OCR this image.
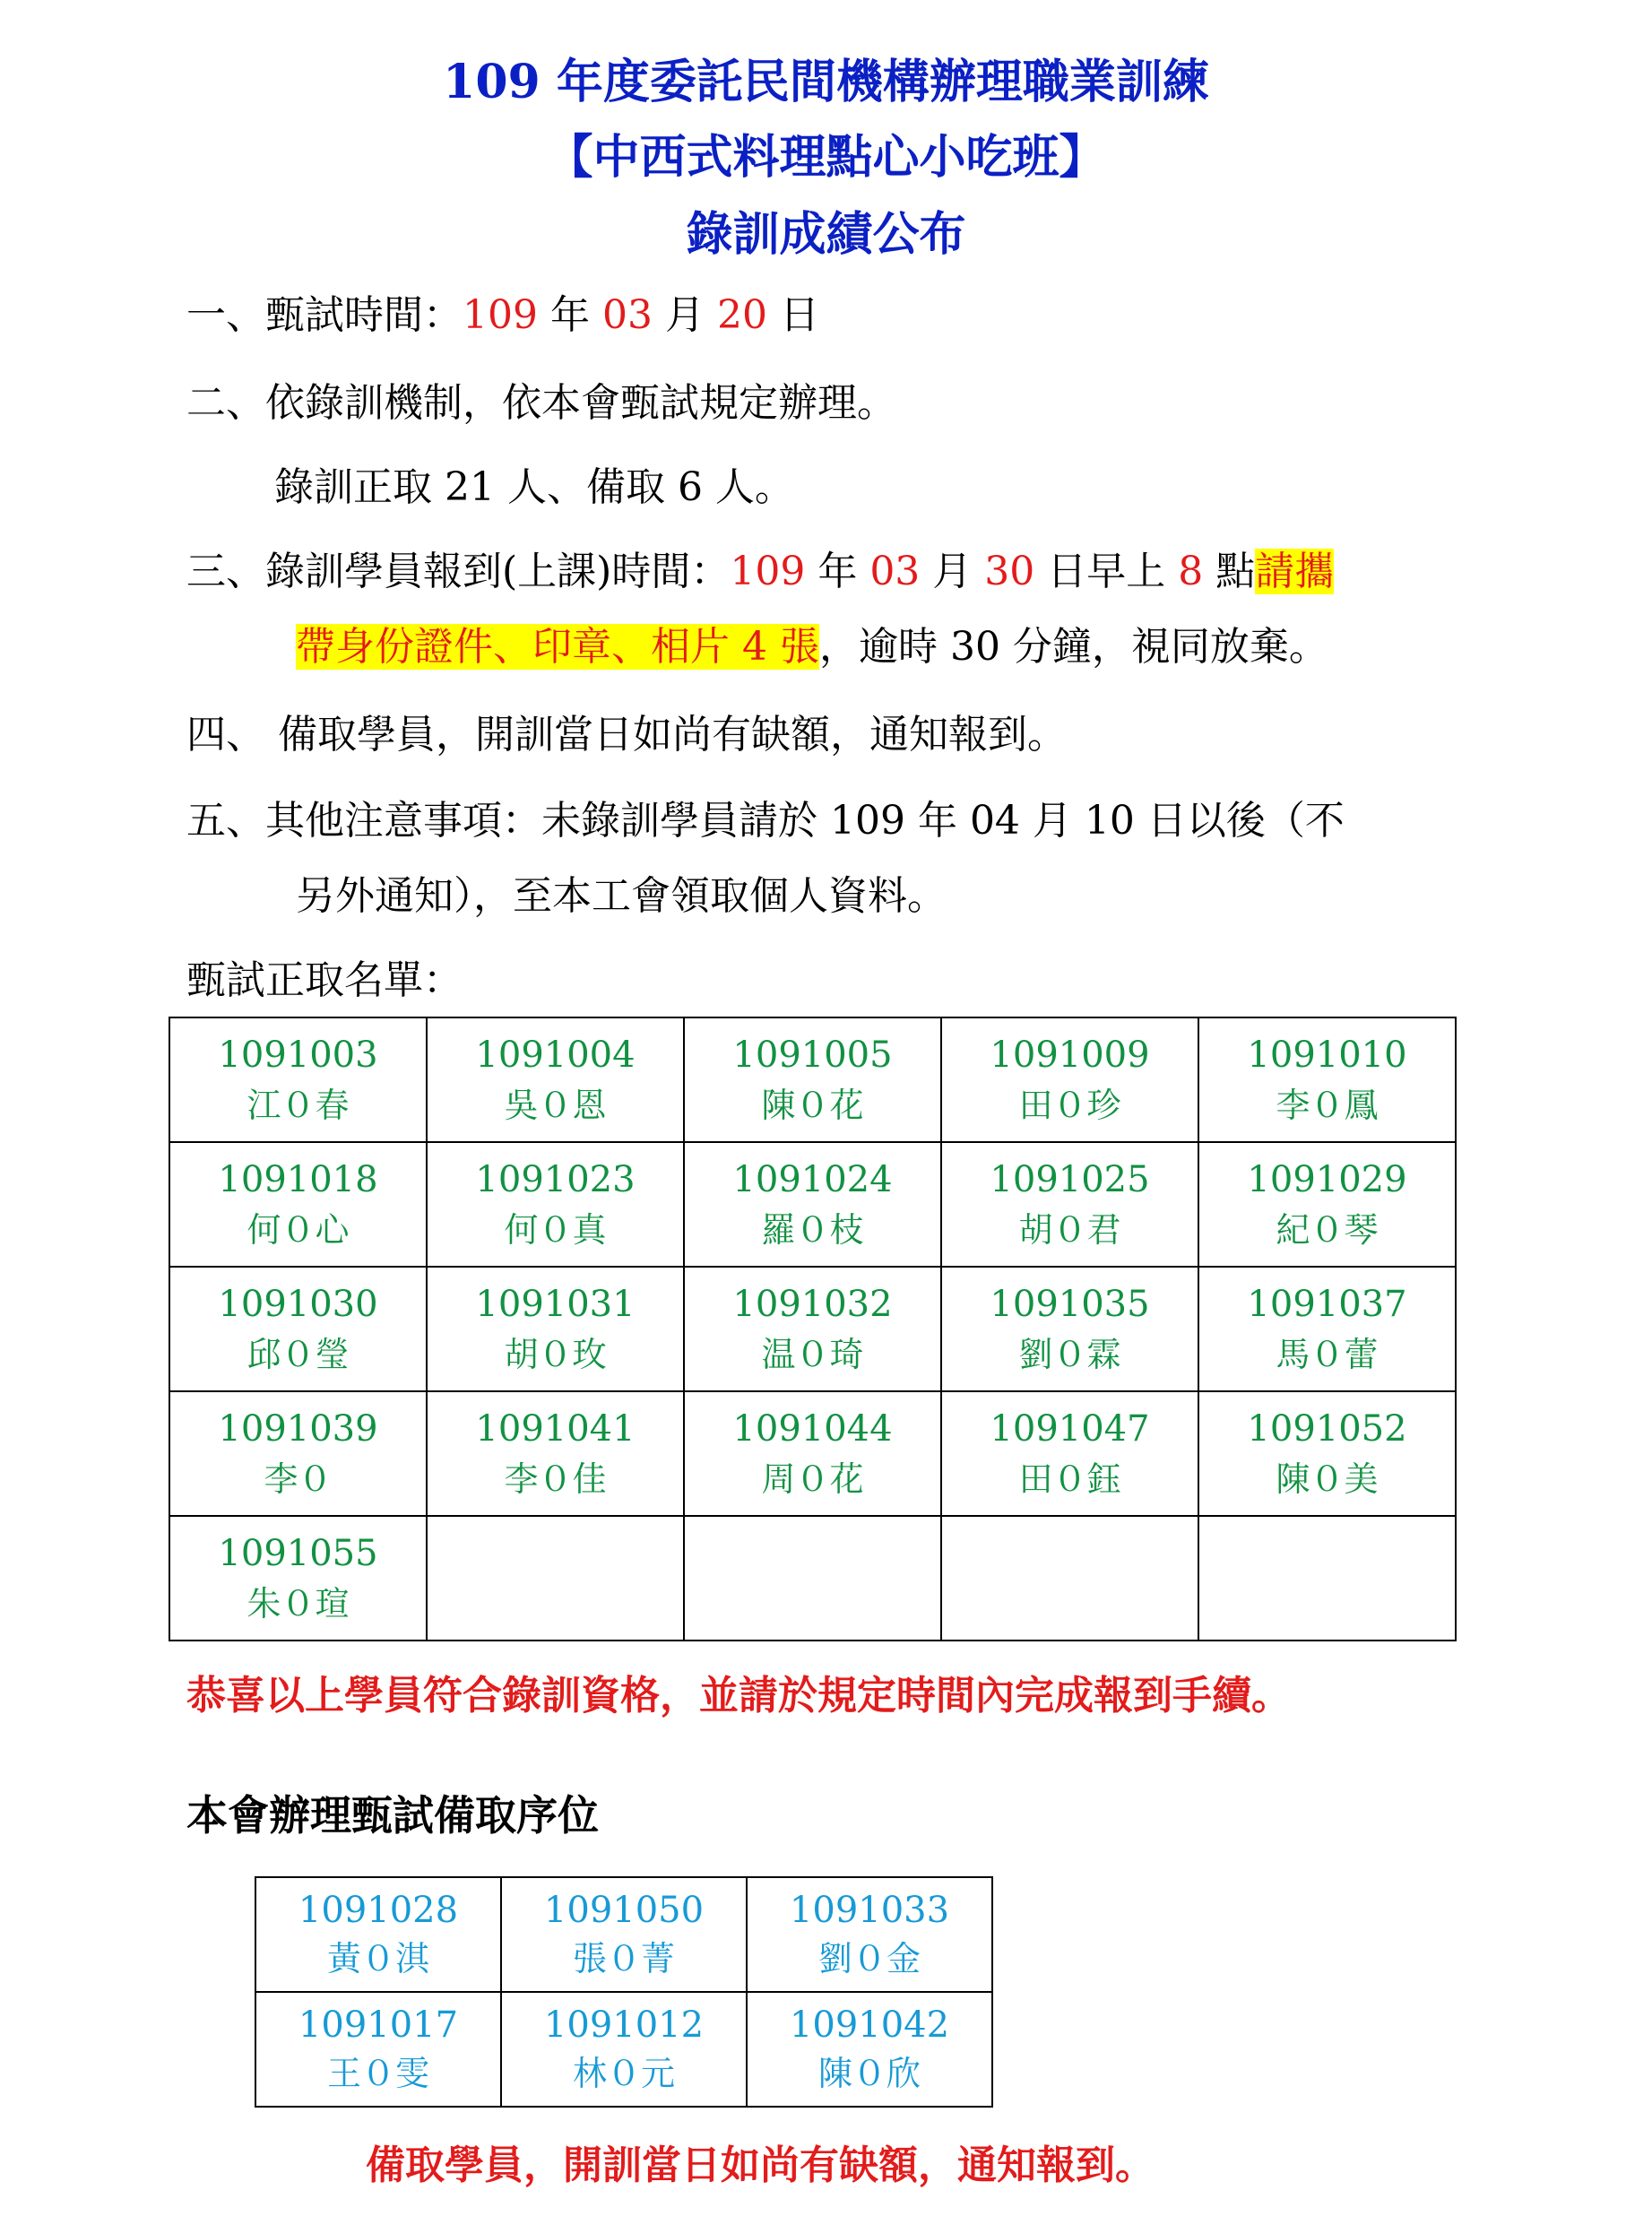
109 年度委託民間機構辦理職業訓練
【中西式料理點心小吃班】
錄訓成績公布

一、甄試時間：109 年 03 月 20 日

二、依錄訓機制，依本會甄試規定辦理。

錄訓正取 21 人、備取 6 人。

三、錄訓學員報到(上課)時間：109 年 03 月 30 日早上 8 點請攜

帶身份證件、印章、相片 4 張，逾時 30 分鐘，視同放棄。

四、 備取學員，開訓當日如尚有缺額，通知報到。

五、其他注意事項：未錄訓學員請於 109 年 04 月 10 日以後（不

另外通知），至本工會領取個人資料。

甄試正取名單：

1091003
江０春	1091004
吳０恩	1091005
陳０花	1091009
田０珍	1091010
李０鳳

1091018
何０心	1091023
何０真	1091024
羅０枝	1091025
胡０君	1091029
紀０琴

1091030
邱０瑩	1091031
胡０玫	1091032
温０琦	1091035
劉０霖	1091037
馬０蕾

1091039
李０	1091041
李０佳	1091044
周０花	1091047
田０鈺	1091052
陳０美

1091055
朱０瑄				

恭喜以上學員符合錄訓資格，並請於規定時間內完成報到手續。

本會辦理甄試備取序位

1091028
黃０淇	1091050
張０菁	1091033
劉０金

1091017
王０雯	1091012
林０元	1091042
陳０欣

備取學員，開訓當日如尚有缺額，通知報到。
